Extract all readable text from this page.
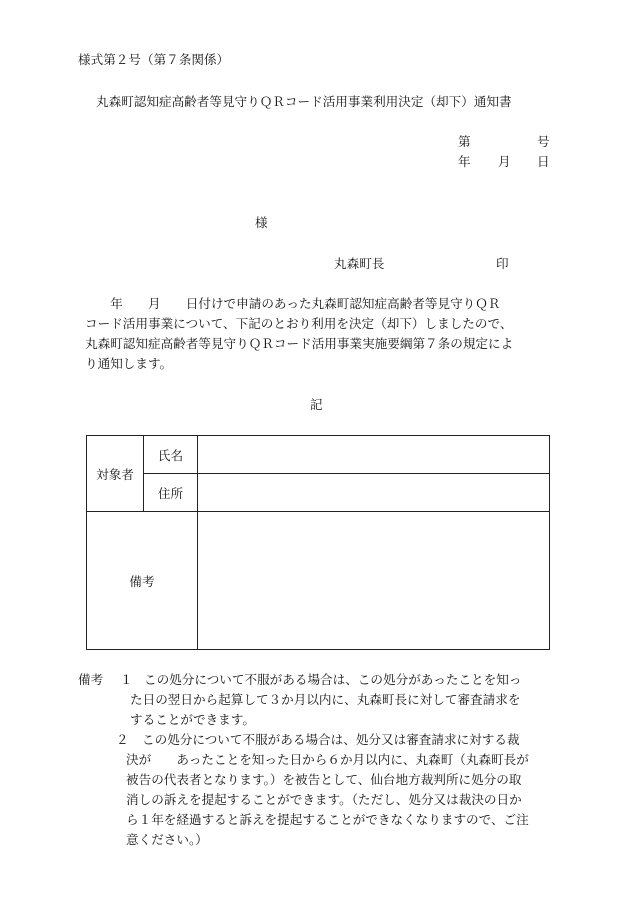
様式第２号（第７条関係）
丸森町認知症高齢者等見守りＱＲコード活用事業利用決定（却下）通知書
第	号
年 月 日
様
丸森町長	印
　　年　　月　　日付けで申請のあった丸森町認知症高齢者等見守りＱＲ
コード活用事業について、下記のとおり利用を決定（却下）しましたので、
丸森町認知症高齢者等見守りＱＲコード活用事業実施要綱第７条の規定によ
り通知します。
記
対象者	氏名	
	住所	
備考		
備考 １ この処分について不服がある場合は、この処分があったことを知っ
た日の翌日から起算して３か月以内に、丸森町長に対して審査請求を
することができます。
２ この処分について不服がある場合は、処分又は審査請求に対する裁
決が　　あったことを知った日から６か月以内に、丸森町（丸森町長が
被告の代表者となります。）を被告として、仙台地方裁判所に処分の取
消しの訴えを提起することができます。（ただし、処分又は裁決の日か
ら１年を経過すると訴えを提起することができなくなりますので、ご注
意ください。）
